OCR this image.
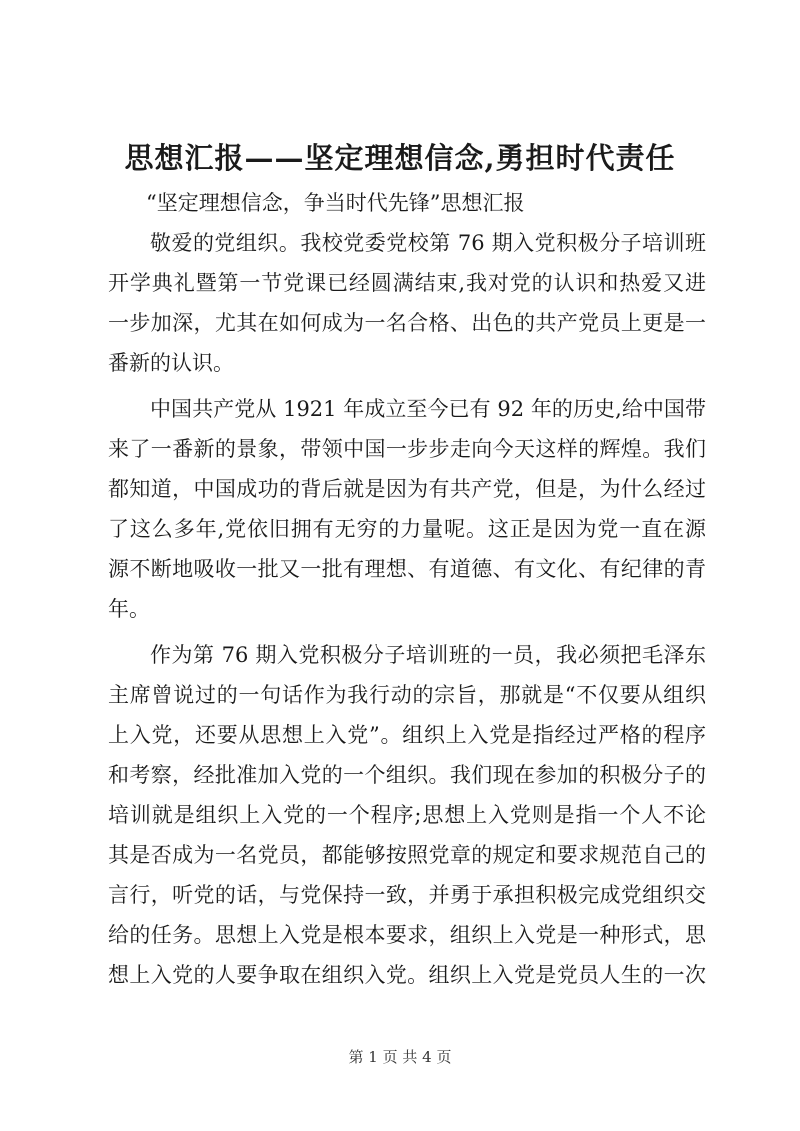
思想汇报——坚定理想信念,勇担时代责任
“坚定理想信念，争当时代先锋”思想汇报
敬爱的党组织。我校党委党校第 76 期入党积极分子培训班
开学典礼暨第一节党课已经圆满结束,我对党的认识和热爱又进
一步加深，尤其在如何成为一名合格、出色的共产党员上更是一
番新的认识。
中国共产党从 1921 年成立至今已有 92 年的历史,给中国带
来了一番新的景象，带领中国一步步走向今天这样的辉煌。我们
都知道，中国成功的背后就是因为有共产党，但是，为什么经过
了这么多年,党依旧拥有无穷的力量呢。这正是因为党一直在源
源不断地吸收一批又一批有理想、有道德、有文化、有纪律的青
年。
作为第 76 期入党积极分子培训班的一员，我必须把毛泽东
主席曾说过的一句话作为我行动的宗旨，那就是“不仅要从组织
上入党，还要从思想上入党”。组织上入党是指经过严格的程序
和考察，经批准加入党的一个组织。我们现在参加的积极分子的
培训就是组织上入党的一个程序;思想上入党则是指一个人不论
其是否成为一名党员，都能够按照党章的规定和要求规范自己的
言行，听党的话，与党保持一致，并勇于承担积极完成党组织交
给的任务。思想上入党是根本要求，组织上入党是一种形式，思
想上入党的人要争取在组织入党。组织上入党是党员人生的一次
第 1 页 共 4 页
